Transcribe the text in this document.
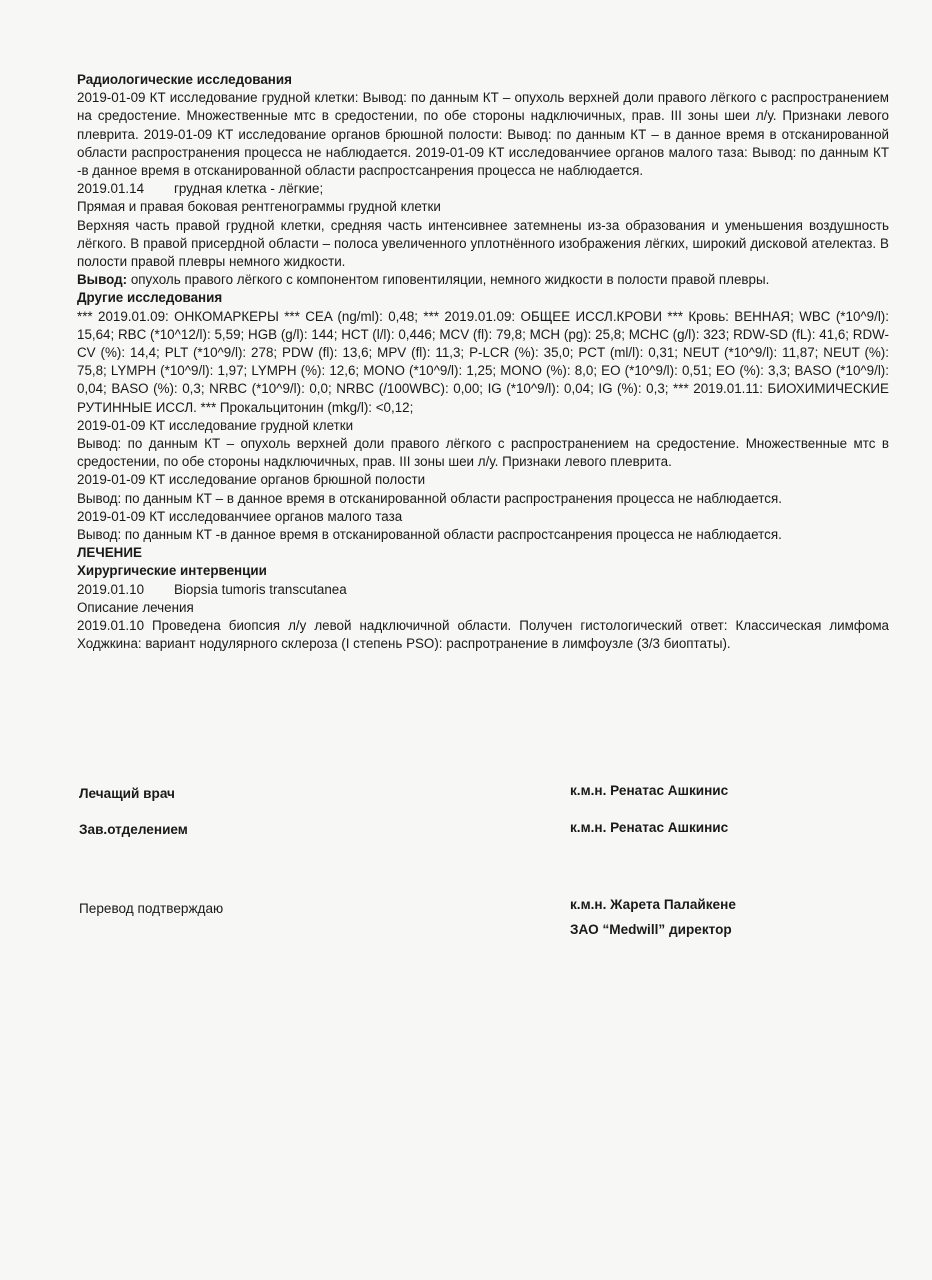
Радиологические исследования
2019-01-09 КТ исследование грудной клетки: Вывод: по данным КТ – опухоль верхней доли правого лёгкого с распространением на средостение. Множественные мтс в средостении, по обе стороны надключичных, прав. III зоны шеи л/у. Признаки левого плеврита. 2019-01-09 КТ исследование органов брюшной полости: Вывод: по данным КТ – в данное время в отсканированной области распространения процесса не наблюдается. 2019-01-09 КТ исследованчиее органов малого таза: Вывод: по данным КТ -в данное время в отсканированной области распростсанрения процесса не наблюдается.
2019.01.14	грудная клетка - лёгкие;
Прямая и правая боковая рентгенограммы грудной клетки
Верхняя часть правой грудной клетки, средняя часть интенсивнее затемнены из-за образования и уменьшения воздушность лёгкого. В правой присердной области – полоса увеличенного уплотнённого изображения лёгких, широкий дисковой ателектаз. В полости правой плевры немного жидкости.
Вывод: опухоль правого лёгкого с компонентом гиповентиляции, немного жидкости в полости правой плевры.
Другие исследования
*** 2019.01.09: ОНКОМАРКЕРЫ *** CEA (ng/ml): 0,48; *** 2019.01.09: ОБЩЕЕ ИССЛ.КРОВИ *** Кровь: ВЕННАЯ; WBC (*10^9/l): 15,64; RBC (*10^12/l): 5,59; HGB (g/l): 144; HCT (l/l): 0,446; MCV (fl): 79,8; MCH (pg): 25,8; MCHC (g/l): 323; RDW-SD (fL): 41,6; RDW-CV (%): 14,4; PLT (*10^9/l): 278; PDW (fl): 13,6; MPV (fl): 11,3; P-LCR (%): 35,0; PCT (ml/l): 0,31; NEUT (*10^9/l): 11,87; NEUT (%): 75,8; LYMPH (*10^9/l): 1,97; LYMPH (%): 12,6; MONO (*10^9/l): 1,25; MONO (%): 8,0; EO (*10^9/l): 0,51; EO (%): 3,3; BASO (*10^9/l): 0,04; BASO (%): 0,3; NRBC (*10^9/l): 0,0; NRBC (/100WBC): 0,00; IG (*10^9/l): 0,04; IG (%): 0,3; *** 2019.01.11: БИОХИМИЧЕСКИЕ РУТИННЫЕ ИССЛ. *** Прокальцитонин (mkg/l): <0,12;
2019-01-09 КТ исследование грудной клетки
Вывод: по данным КТ – опухоль верхней доли правого лёгкого с распространением на средостение. Множественные мтс в средостении, по обе стороны надключичных, прав. III зоны шеи л/у. Признаки левого плеврита.
2019-01-09 КТ исследование органов брюшной полости
Вывод: по данным КТ – в данное время в отсканированной области распространения процесса не наблюдается.
2019-01-09 КТ исследованчиее органов малого таза
Вывод: по данным КТ -в данное время в отсканированной области распростсанрения процесса не наблюдается.
ЛЕЧЕНИЕ
Хирургические интервенции
2019.01.10	Biopsia tumoris transcutanea
Описание лечения
2019.01.10 Проведена биопсия л/у левой надключичной области. Получен гистологический ответ: Классическая лимфома Ходжкина: вариант нодулярного склероза (I степень PSO): распротранение в лимфоузле (3/3 биоптаты).
Лечащий врач	к.м.н. Ренатас Ашкинис
Зав.отделением	к.м.н. Ренатас Ашкинис
Перевод подтверждаю	к.м.н. Жарета Палайкене
ЗАО “Medwill” директор
